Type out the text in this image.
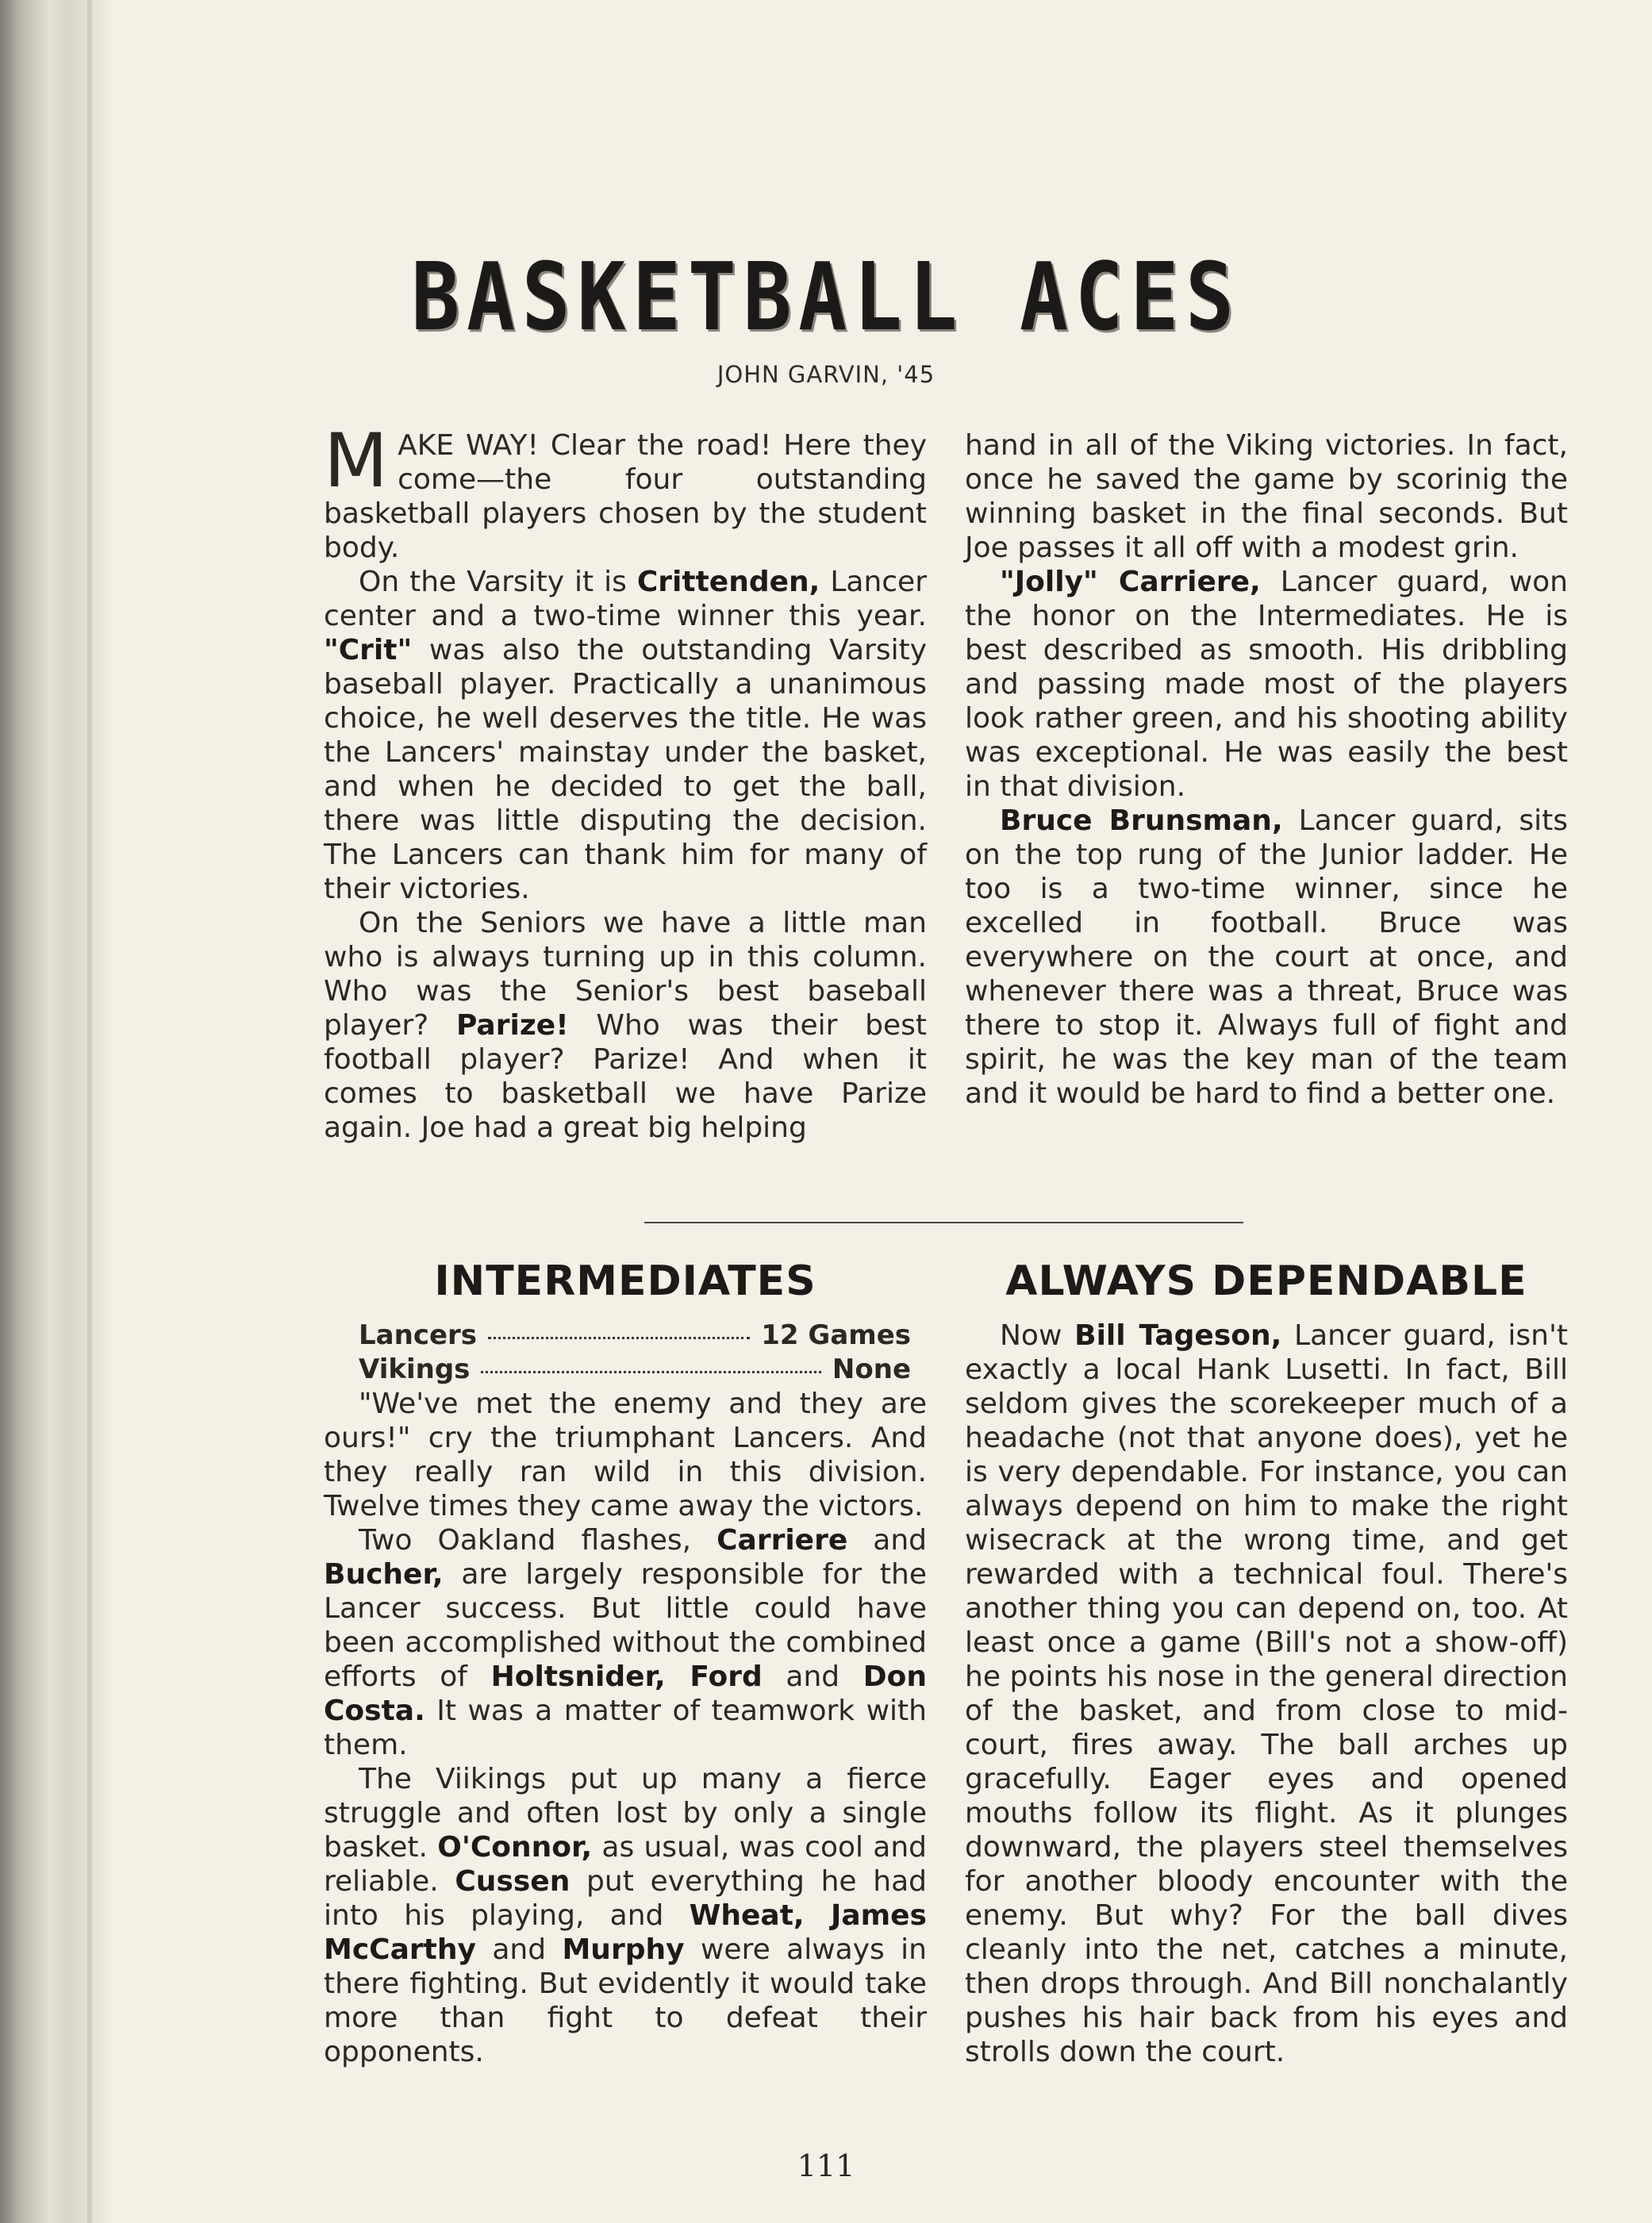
BASKETBALL ACES
JOHN GARVIN, '45

MAKE WAY! Clear the road! Here they come—the four outstanding basketball players chosen by the student body.

On the Varsity it is Crittenden, Lancer center and a two-time winner this year. "Crit" was also the outstanding Varsity baseball player. Practically a unanimous choice, he well deserves the title. He was the Lancers' mainstay under the basket, and when he decided to get the ball, there was little disputing the decision. The Lancers can thank him for many of their victories.

On the Seniors we have a little man who is always turning up in this column. Who was the Senior's best baseball player? Parize! Who was their best football player? Parize! And when it comes to basketball we have Parize again. Joe had a great big helping

hand in all of the Viking victories. In fact, once he saved the game by scorinig the winning basket in the final seconds. But Joe passes it all off with a modest grin.

"Jolly" Carriere, Lancer guard, won the honor on the Intermediates. He is best described as smooth. His dribbling and passing made most of the players look rather green, and his shooting ability was exceptional. He was easily the best in that division.

Bruce Brunsman, Lancer guard, sits on the top rung of the Junior ladder. He too is a two-time winner, since he excelled in football. Bruce was everywhere on the court at once, and whenever there was a threat, Bruce was there to stop it. Always full of fight and spirit, he was the key man of the team and it would be hard to find a better one.

INTERMEDIATES
Lancers	12 Games
Vikings	None

"We've met the enemy and they are ours!" cry the triumphant Lancers. And they really ran wild in this division. Twelve times they came away the victors.

Two Oakland flashes, Carriere and Bucher, are largely responsible for the Lancer success. But little could have been accomplished without the combined efforts of Holtsnider, Ford and Don Costa. It was a matter of teamwork with them.

The Viikings put up many a fierce struggle and often lost by only a single basket. O'Connor, as usual, was cool and reliable. Cussen put everything he had into his playing, and Wheat, James McCarthy and Murphy were always in there fighting. But evidently it would take more than fight to defeat their opponents.

ALWAYS DEPENDABLE

Now Bill Tageson, Lancer guard, isn't exactly a local Hank Lusetti. In fact, Bill seldom gives the scorekeeper much of a headache (not that anyone does), yet he is very dependable. For instance, you can always depend on him to make the right wisecrack at the wrong time, and get rewarded with a technical foul. There's another thing you can depend on, too. At least once a game (Bill's not a show-off) he points his nose in the general direction of the basket, and from close to mid-court, fires away. The ball arches up gracefully. Eager eyes and opened mouths follow its flight. As it plunges downward, the players steel themselves for another bloody encounter with the enemy. But why? For the ball dives cleanly into the net, catches a minute, then drops through. And Bill nonchalantly pushes his hair back from his eyes and strolls down the court.

111
